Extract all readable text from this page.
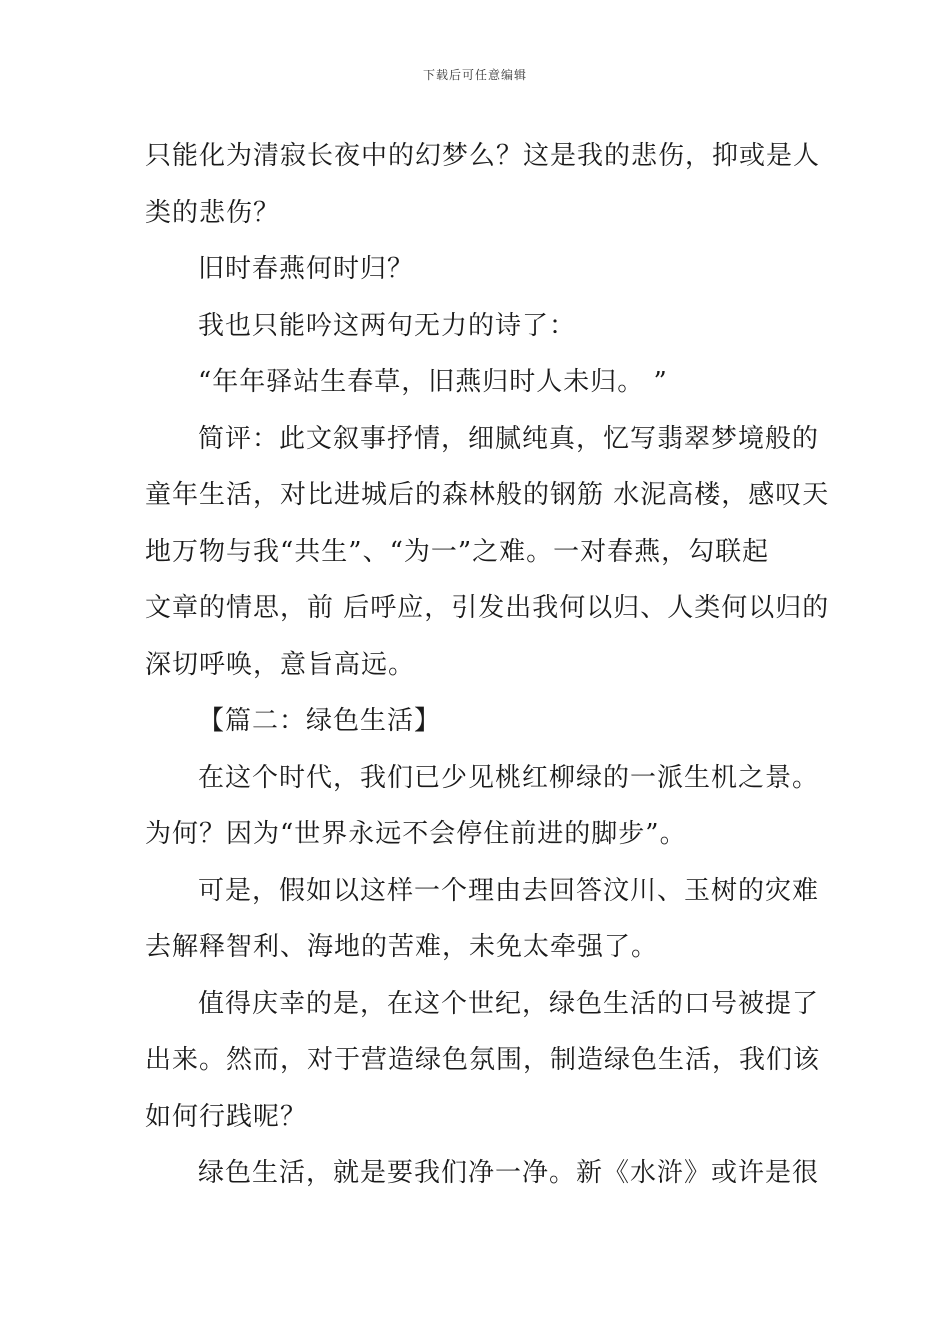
下载后可任意编辑
只能化为清寂长夜中的幻梦么？这是我的悲伤，抑或是人
类的悲伤？
旧时春燕何时归？
我也只能吟这两句无力的诗了：
“年年驿站生春草，旧燕归时人未归。 ”
简评：此文叙事抒情，细腻纯真，忆写翡翠梦境般的
童年生活，对比进城后的森林般的钢筋 水泥高楼，感叹天
地万物与我“共生”、“为一”之难。一对春燕，勾联起
文章的情思，前 后呼应，引发出我何以归、人类何以归的
深切呼唤，意旨高远。
【篇二：绿色生活】
在这个时代，我们已少见桃红柳绿的一派生机之景。
为何？因为“世界永远不会停住前进的脚步”。
可是，假如以这样一个理由去回答汶川、玉树的灾难
去解释智利、海地的苦难，未免太牵强了。
值得庆幸的是，在这个世纪，绿色生活的口号被提了
出来。然而，对于营造绿色氛围，制造绿色生活，我们该
如何行践呢？
绿色生活，就是要我们净一净。新《水浒》或许是很
